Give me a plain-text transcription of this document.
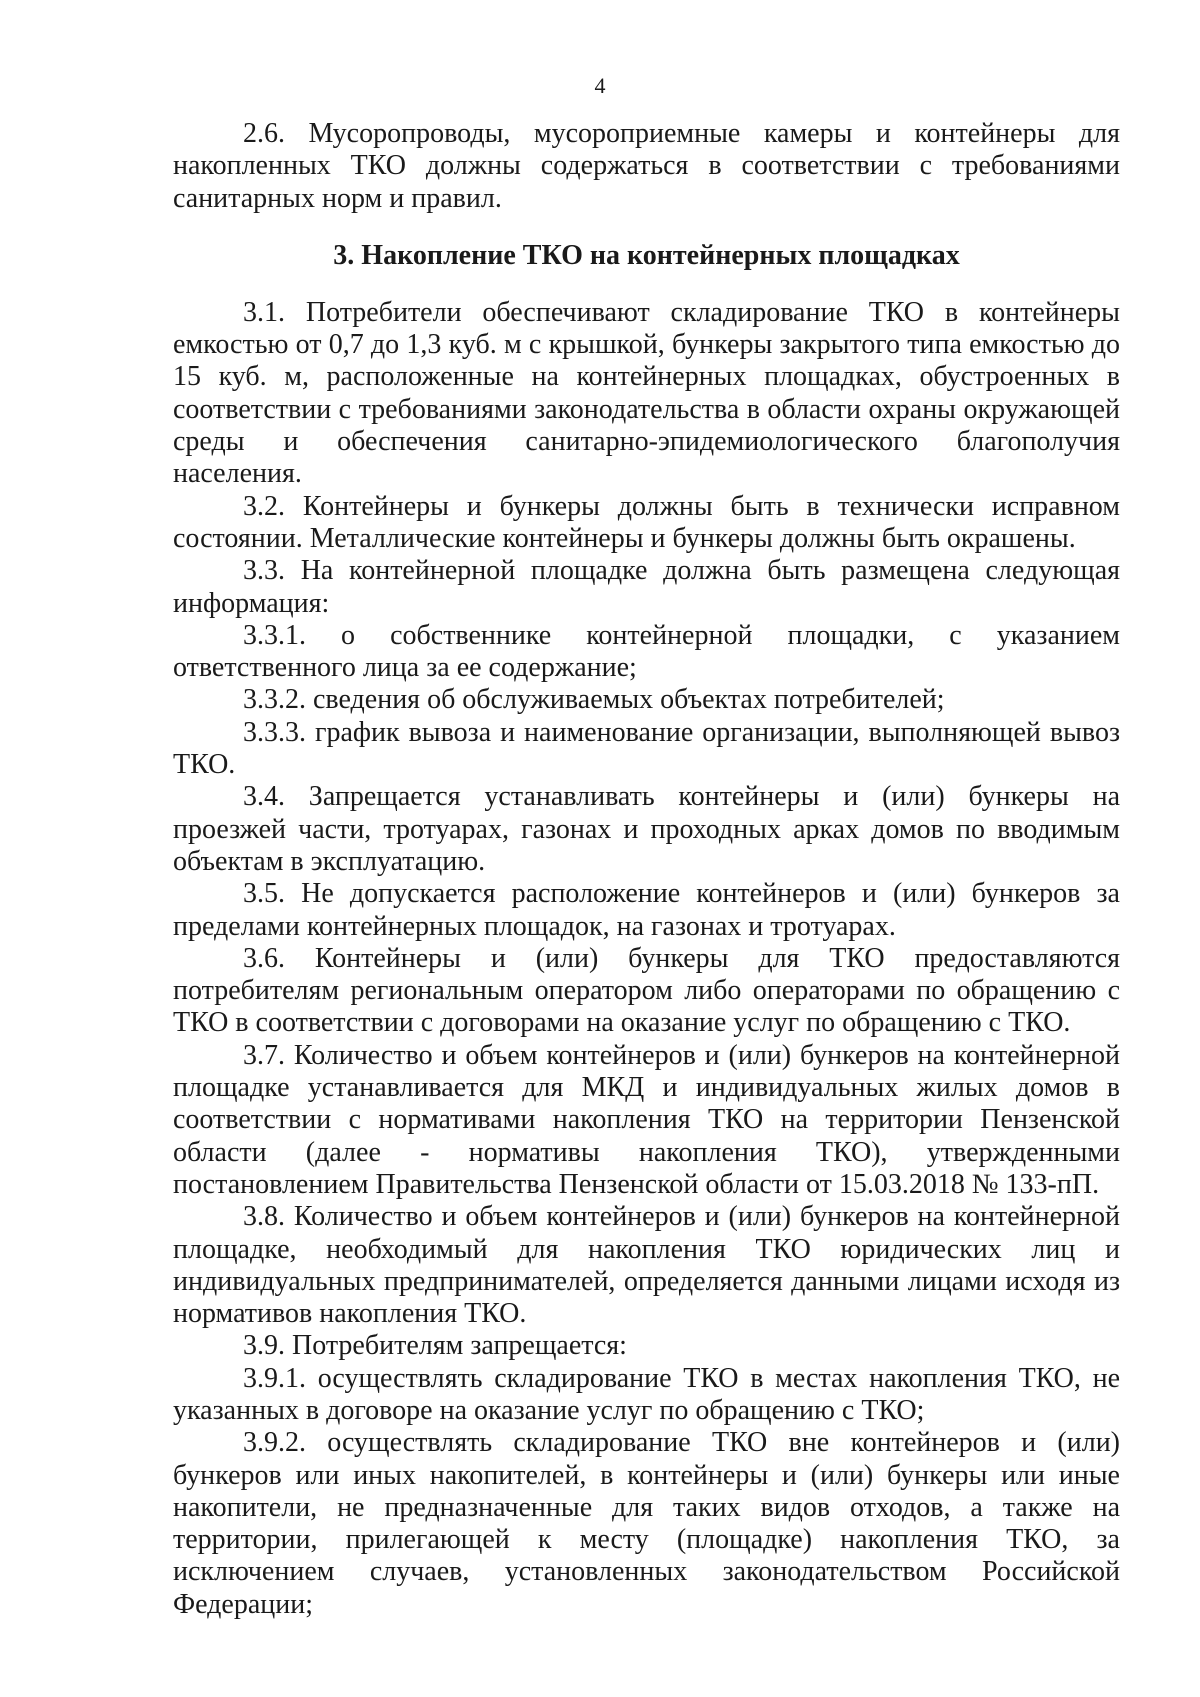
4

2.6. Мусоропроводы, мусороприемные камеры и контейнеры для накопленных ТКО должны содержаться в соответствии с требованиями санитарных норм и правил.

3. Накопление ТКО на контейнерных площадках

3.1. Потребители обеспечивают складирование ТКО в контейнеры емкостью от 0,7 до 1,3 куб. м с крышкой, бункеры закрытого типа емкостью до 15 куб. м, расположенные на контейнерных площадках, обустроенных в соответствии с требованиями законодательства в области охраны окружающей среды и обеспечения санитарно-эпидемиологического благополучия населения.

3.2. Контейнеры и бункеры должны быть в технически исправном состоянии. Металлические контейнеры и бункеры должны быть окрашены.

3.3. На контейнерной площадке должна быть размещена следующая информация:

3.3.1. о собственнике контейнерной площадки, с указанием ответственного лица за ее содержание;

3.3.2. сведения об обслуживаемых объектах потребителей;

3.3.3. график вывоза и наименование организации, выполняющей вывоз ТКО.

3.4. Запрещается устанавливать контейнеры и (или) бункеры на проезжей части, тротуарах, газонах и проходных арках домов по вводимым объектам в эксплуатацию.

3.5. Не допускается расположение контейнеров и (или) бункеров за пределами контейнерных площадок, на газонах и тротуарах.

3.6. Контейнеры и (или) бункеры для ТКО предоставляются потребителям региональным оператором либо операторами по обращению с ТКО в соответствии с договорами на оказание услуг по обращению с ТКО.

3.7. Количество и объем контейнеров и (или) бункеров на контейнерной площадке устанавливается для МКД и индивидуальных жилых домов в соответствии с нормативами накопления ТКО на территории Пензенской области (далее - нормативы накопления ТКО), утвержденными постановлением Правительства Пензенской области от 15.03.2018 № 133-пП.

3.8. Количество и объем контейнеров и (или) бункеров на контейнерной площадке, необходимый для накопления ТКО юридических лиц и индивидуальных предпринимателей, определяется данными лицами исходя из нормативов накопления ТКО.

3.9. Потребителям запрещается:

3.9.1. осуществлять складирование ТКО в местах накопления ТКО, не указанных в договоре на оказание услуг по обращению с ТКО;

3.9.2. осуществлять складирование ТКО вне контейнеров и (или) бункеров или иных накопителей, в контейнеры и (или) бункеры или иные накопители, не предназначенные для таких видов отходов, а также на территории, прилегающей к месту (площадке) накопления ТКО, за исключением случаев, установленных законодательством Российской Федерации;
